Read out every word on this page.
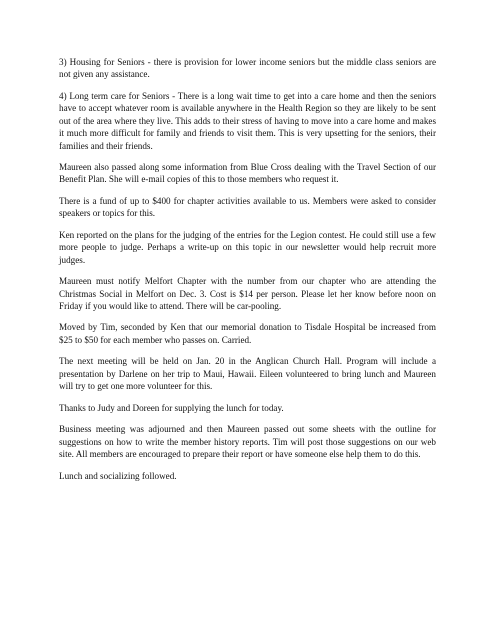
3) Housing for Seniors - there is provision for lower income seniors but the middle class seniors are not given any assistance.

4) Long term care for Seniors - There is a long wait time to get into a care home and then the seniors have to accept whatever room is available anywhere in the Health Region so they are likely to be sent out of the area where they live. This adds to their stress of having to move into a care home and makes it much more difficult for family and friends to visit them. This is very upsetting for the seniors, their families and their friends.

Maureen also passed along some information from Blue Cross dealing with the Travel Section of our Benefit Plan. She will e-mail copies of this to those members who request it.

There is a fund of up to $400 for chapter activities available to us. Members were asked to consider speakers or topics for this.

Ken reported on the plans for the judging of the entries for the Legion contest. He could still use a few more people to judge. Perhaps a write-up on this topic in our newsletter would help recruit more judges.

Maureen must notify Melfort Chapter with the number from our chapter who are attending the Christmas Social in Melfort on Dec. 3. Cost is $14 per person. Please let her know before noon on Friday if you would like to attend. There will be car-pooling.

Moved by Tim, seconded by Ken that our memorial donation to Tisdale Hospital be increased from $25 to $50 for each member who passes on. Carried.

The next meeting will be held on Jan. 20 in the Anglican Church Hall. Program will include a presentation by Darlene on her trip to Maui, Hawaii. Eileen volunteered to bring lunch and Maureen will try to get one more volunteer for this.

Thanks to Judy and Doreen for supplying the lunch for today.

Business meeting was adjourned and then Maureen passed out some sheets with the outline for suggestions on how to write the member history reports. Tim will post those suggestions on our web site. All members are encouraged to prepare their report or have someone else help them to do this.

Lunch and socializing followed.
